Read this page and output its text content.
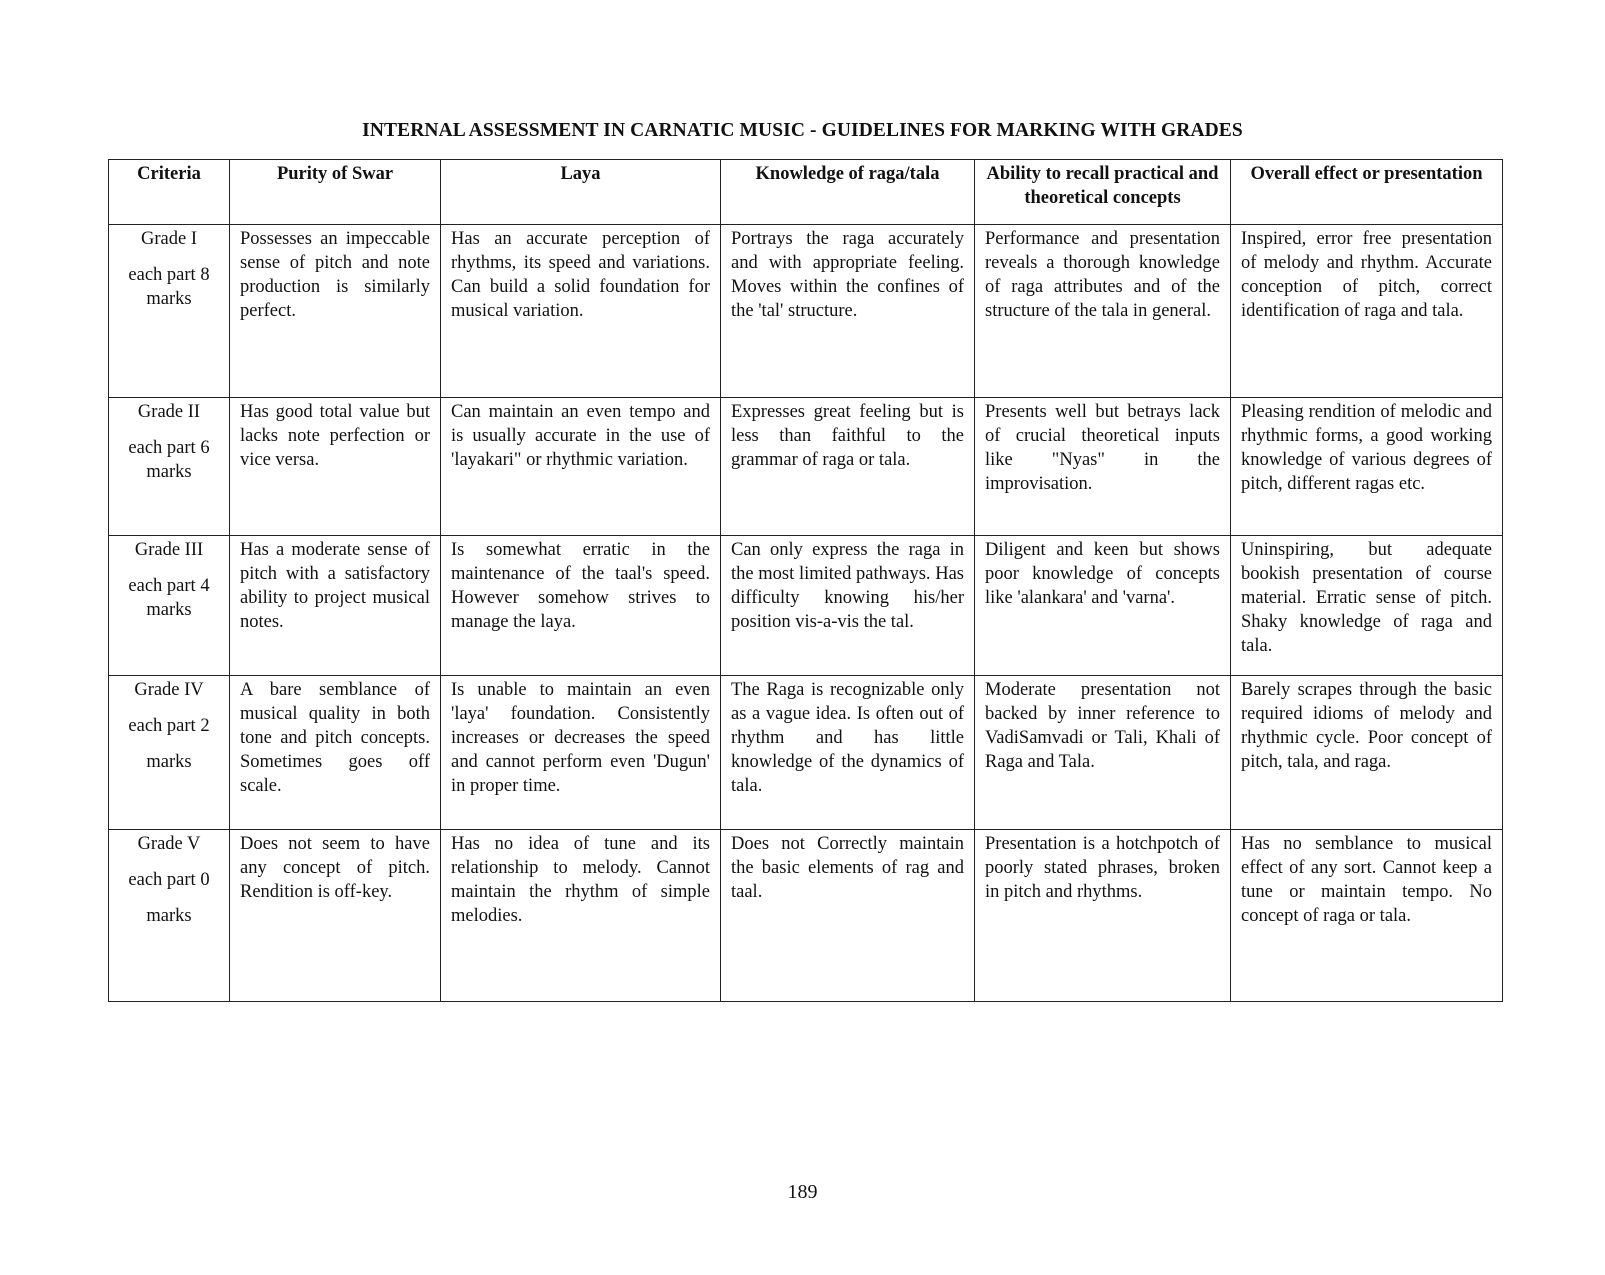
INTERNAL ASSESSMENT IN CARNATIC MUSIC - GUIDELINES FOR MARKING WITH GRADES
Criteria	Purity of Swar	Laya	Knowledge of raga/tala	Ability to recall practical and theoretical concepts	Overall effect or presentation

Grade I
each part 8
marks	Possesses an impeccable sense of pitch and note production is similarly perfect.	Has an accurate perception of rhythms, its speed and variations. Can build a solid foundation for musical variation.	Portrays the raga accurately and with appropriate feeling. Moves within the confines of the 'tal' structure.	Performance and presentation reveals a thorough knowledge of raga attributes and of the structure of the tala in general.	Inspired, error free presentation of melody and rhythm. Accurate conception of pitch, correct identification of raga and tala.

Grade II
each part 6
marks	Has good total value but lacks note perfection or vice versa.	Can maintain an even tempo and is usually accurate in the use of 'layakari" or rhythmic variation.	Expresses great feeling but is less than faithful to the grammar of raga or tala.	Presents well but betrays lack of crucial theoretical inputs like "Nyas" in the improvisation.	Pleasing rendition of melodic and rhythmic forms, a good working knowledge of various degrees of pitch, different ragas etc.

Grade III
each part 4
marks	Has a moderate sense of pitch with a satisfactory ability to project musical notes.	Is somewhat erratic in the maintenance of the taal's speed. However somehow strives to manage the laya.	Can only express the raga in the most limited pathways. Has difficulty knowing his/her position vis-a-vis the tal.	Diligent and keen but shows poor knowledge of concepts like 'alankara' and 'varna'.	Uninspiring, but adequate bookish presentation of course material. Erratic sense of pitch. Shaky knowledge of raga and tala.

Grade IV
each part 2
marks	A bare semblance of musical quality in both tone and pitch concepts. Sometimes goes off scale.	Is unable to maintain an even 'laya' foundation. Consistently increases or decreases the speed and cannot perform even 'Dugun' in proper time.	The Raga is recognizable only as a vague idea. Is often out of rhythm and has little knowledge of the dynamics of tala.	Moderate presentation not backed by inner reference to VadiSamvadi or Tali, Khali of Raga and Tala.	Barely scrapes through the basic required idioms of melody and rhythmic cycle. Poor concept of pitch, tala, and raga.

Grade V
each part 0
marks	Does not seem to have any concept of pitch. Rendition is off-key.	Has no idea of tune and its relationship to melody. Cannot maintain the rhythm of simple melodies.	Does not Correctly maintain the basic elements of rag and taal.	Presentation is a hotchpotch of poorly stated phrases, broken in pitch and rhythms.	Has no semblance to musical effect of any sort. Cannot keep a tune or maintain tempo. No concept of raga or tala.
189
